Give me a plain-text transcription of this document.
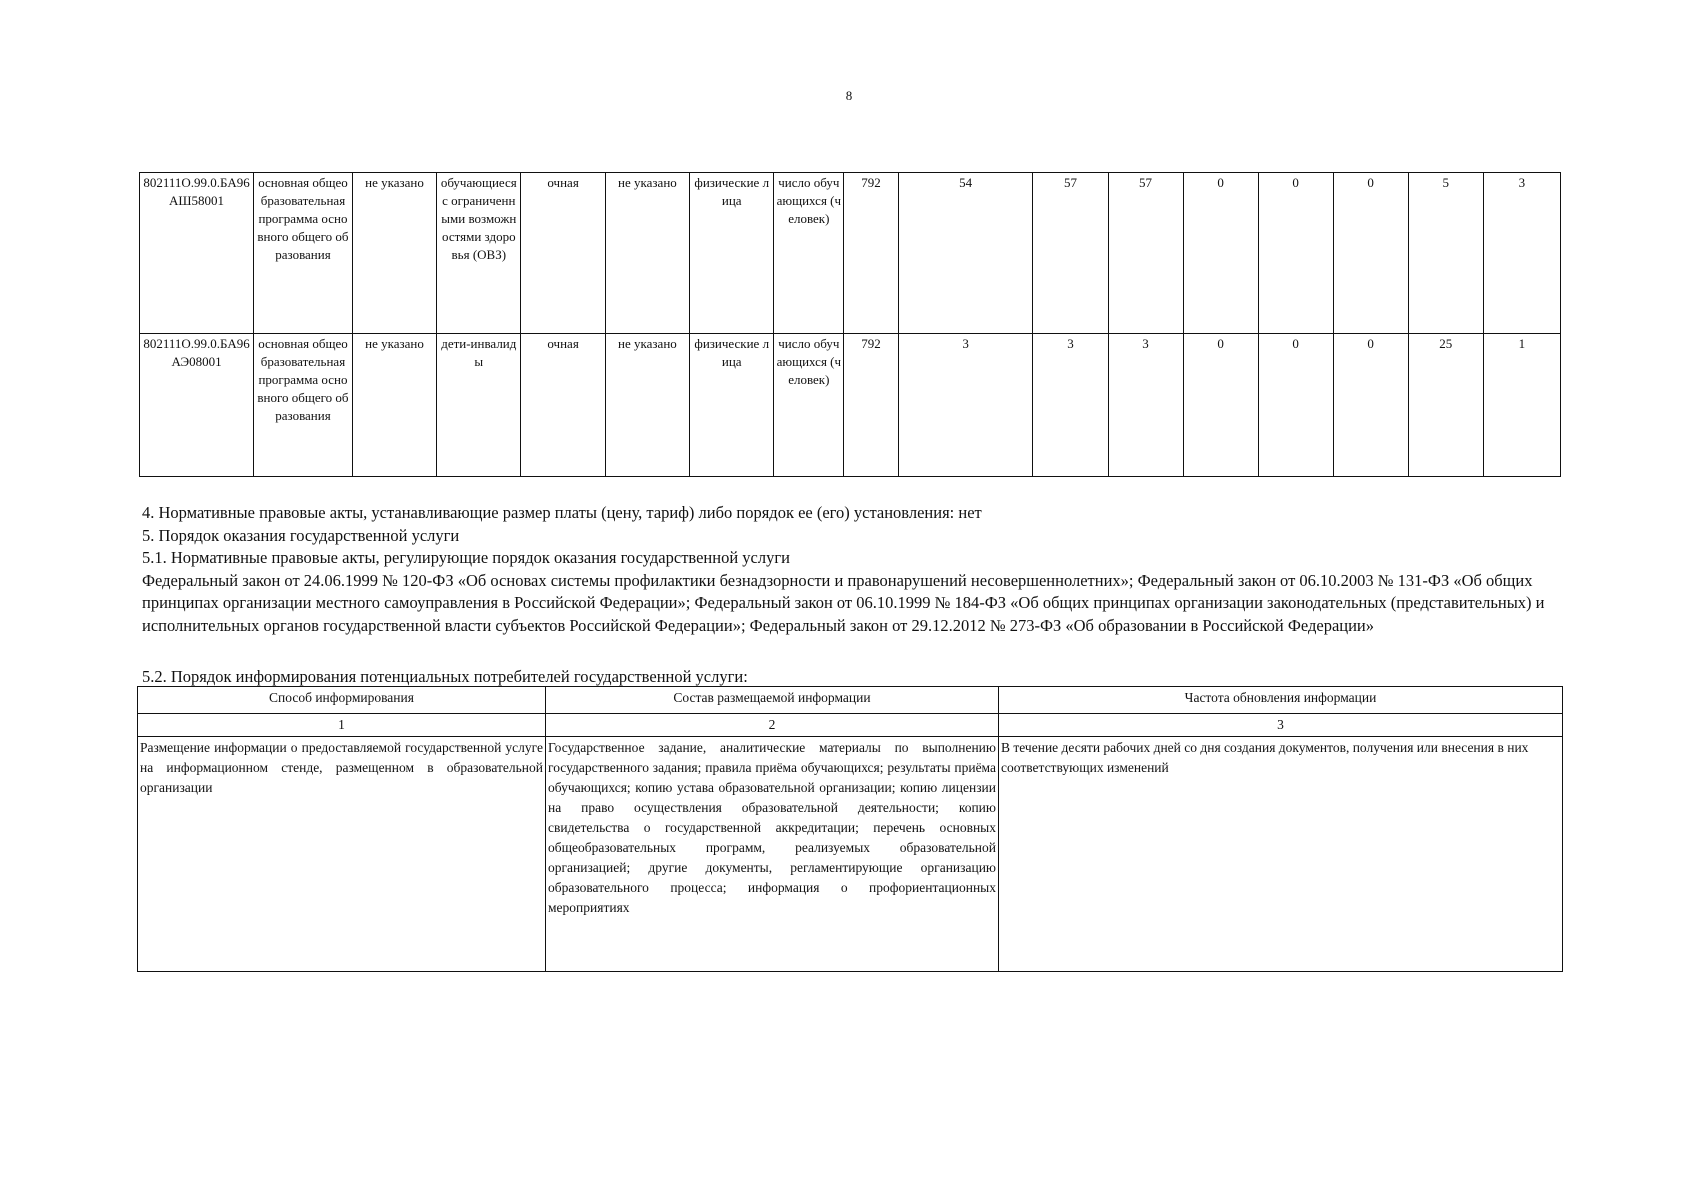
8
802111О.99.0.БА96АШ58001	основная общеобразовательная программа основного общего образования	не указано	обучающиеся с ограниченными возможностями здоровья (ОВЗ)	очная	не указано	физические лица	число обучающихся (человек)	792	54	57	57	0	0	0	5	3
802111О.99.0.БА96АЭ08001	основная общеобразовательная программа основного общего образования	не указано	дети-инвалиды	очная	не указано	физические лица	число обучающихся (человек)	792	3	3	3	0	0	0	25	1

4. Нормативные правовые акты, устанавливающие размер платы (цену, тариф) либо порядок ее (его) установления: нет

5. Порядок оказания государственной услуги

5.1. Нормативные правовые акты, регулирующие порядок оказания государственной услуги

Федеральный закон от 24.06.1999 № 120-ФЗ «Об основах системы профилактики безнадзорности и правонарушений несовершеннолетних»; Федеральный закон от 06.10.2003 № 131-ФЗ «Об общих принципах организации местного самоуправления в Российской Федерации»; Федеральный закон от 06.10.1999 № 184-ФЗ «Об общих принципах организации законодательных (представительных) и исполнительных органов государственной власти субъектов Российской Федерации»; Федеральный закон от 29.12.2012 № 273-ФЗ «Об образовании в Российской Федерации»

5.2. Порядок информирования потенциальных потребителей государственной услуги:
Способ информирования	Состав размещаемой информации	Частота обновления информации
1	2	3
Размещение информации о предоставляемой государственной услуге на информационном стенде, размещенном в образовательной организации	Государственное задание, аналитические материалы по выполнению государственного задания; правила приёма обучающихся; результаты приёма обучающихся; копию устава образовательной организации; копию лицензии на право осуществления образовательной деятельности; копию свидетельства о государственной аккредитации; перечень основных общеобразовательных программ, реализуемых образовательной организацией; другие документы, регламентирующие организацию образовательного процесса; информация о профориентационных мероприятиях	В течение десяти рабочих дней со дня создания документов, получения или внесения в них соответствующих изменений
